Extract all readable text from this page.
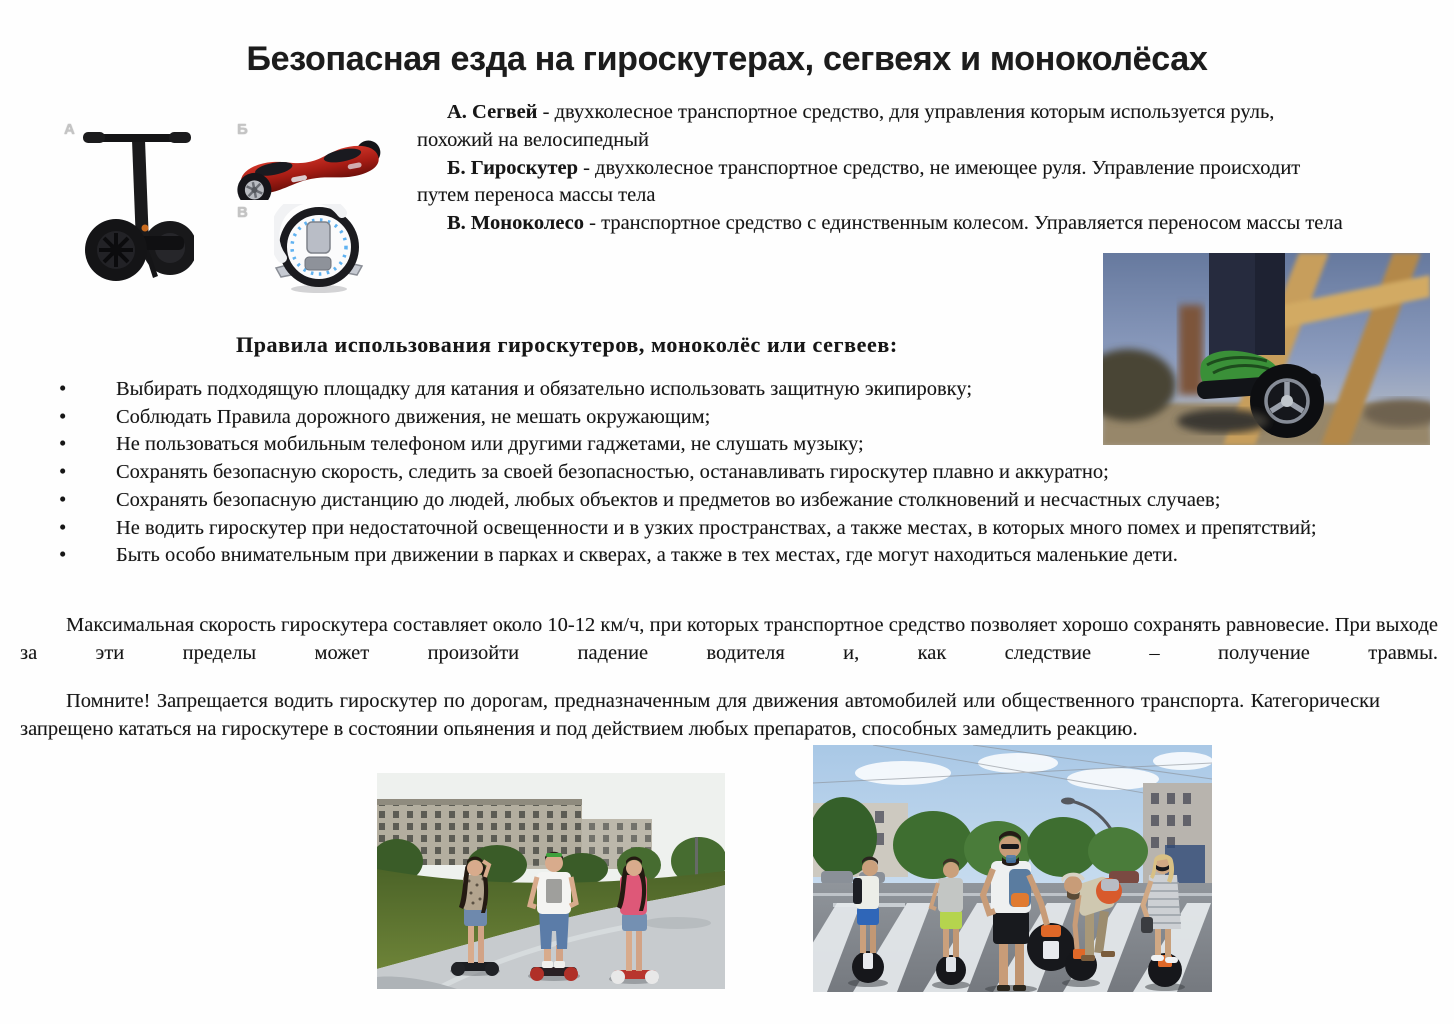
Безопасная езда на гироскутерах, сегвеях и моноколёсах
А	Б
В

А. Сегвей - двухколесное транспортное средство, для управления которым используется руль, похожий на велосипедный

Б. Гироскутер - двухколесное транспортное средство, не имеющее руля. Управление происходит путем переноса массы тела

В. Моноколесо - транспортное средство с единственным колесом. Управляется переносом массы тела

Правила использования гироскутеров, моноколёс или сегвеев:
• Выбирать подходящую площадку для катания и обязательно использовать защитную экипировку;
• Соблюдать Правила дорожного движения, не мешать окружающим;
• Не пользоваться мобильным телефоном или другими гаджетами, не слушать музыку;
• Сохранять безопасную скорость, следить за своей безопасностью, останавливать гироскутер плавно и аккуратно;
• Сохранять безопасную дистанцию до людей, любых объектов и предметов во избежание столкновений и несчастных случаев;
• Не водить гироскутер при недостаточной освещенности и в узких пространствах, а также местах, в которых много помех и препятствий;
• Быть особо внимательным при движении в парках и скверах, а также в тех местах, где могут находиться маленькие дети.

Максимальная скорость гироскутера составляет около 10-12 км/ч, при которых транспортное средство позволяет хорошо сохранять равновесие. При выходе за эти пределы может произойти падение водителя и, как следствие – получение травмы.

Помните! Запрещается водить гироскутер по дорогам, предназначенным для движения автомобилей или общественного транспорта. Категорически запрещено кататься на гироскутере в состоянии опьянения и под действием любых препаратов, способных замедлить реакцию.
